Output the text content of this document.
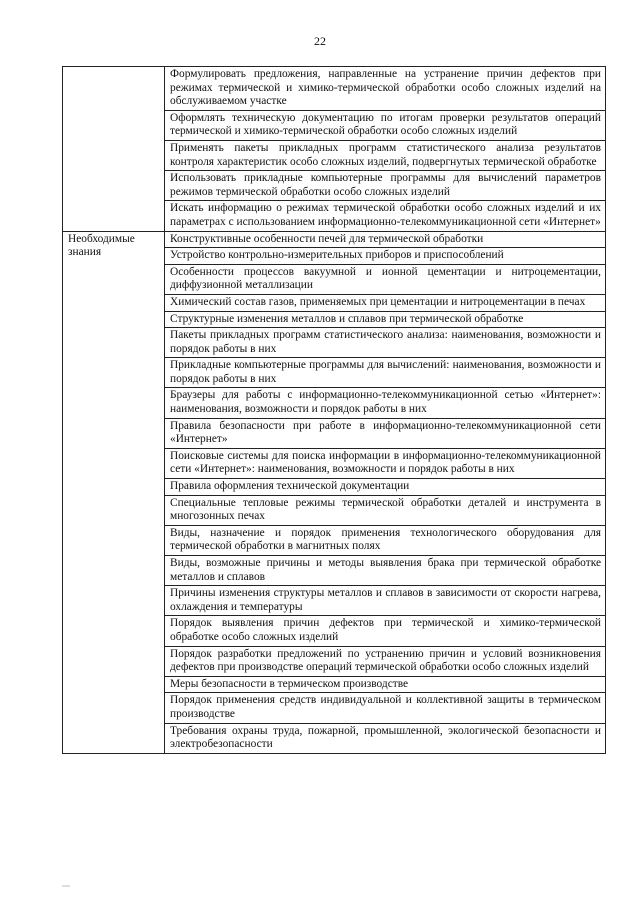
22
	Формулировать предложения, направленные на устранение причин дефектов при режимах термической и химико-термической обработки особо сложных изделий на обслуживаемом участке
	Оформлять техническую документацию по итогам проверки результатов операций термической и химико-термической обработки особо сложных изделий
	Применять пакеты прикладных программ статистического анализа результатов контроля характеристик особо сложных изделий, подвергнутых термической обработке
	Использовать прикладные компьютерные программы для вычислений параметров режимов термической обработки особо сложных изделий
	Искать информацию о режимах термической обработки особо сложных изделий и их параметрах с использованием информационно-телекоммуникационной сети «Интернет»
Необходимые знания	Конструктивные особенности печей для термической обработки
	Устройство контрольно-измерительных приборов и приспособлений
	Особенности процессов вакуумной и ионной цементации и нитроцементации, диффузионной металлизации
	Химический состав газов, применяемых при цементации и нитроцементации в печах
	Структурные изменения металлов и сплавов при термической обработке
	Пакеты прикладных программ статистического анализа: наименования, возможности и порядок работы в них
	Прикладные компьютерные программы для вычислений: наименования, возможности и порядок работы в них
	Браузеры для работы с информационно-телекоммуникационной сетью «Интернет»: наименования, возможности и порядок работы в них
	Правила безопасности при работе в информационно-телекоммуникационной сети «Интернет»
	Поисковые системы для поиска информации в информационно-телекоммуникационной сети «Интернет»: наименования, возможности и порядок работы в них
	Правила оформления технической документации
	Специальные тепловые режимы термической обработки деталей и инструмента в многозонных печах
	Виды, назначение и порядок применения технологического оборудования для термической обработки в магнитных полях
	Виды, возможные причины и методы выявления брака при термической обработке металлов и сплавов
	Причины изменения структуры металлов и сплавов в зависимости от скорости нагрева, охлаждения и температуры
	Порядок выявления причин дефектов при термической и химико-термической обработке особо сложных изделий
	Порядок разработки предложений по устранению причин и условий возникновения дефектов при производстве операций термической обработки особо сложных изделий
	Меры безопасности в термическом производстве
	Порядок применения средств индивидуальной и коллективной защиты в термическом производстве
	Требования охраны труда, пожарной, промышленной, экологической безопасности и электробезопасности
